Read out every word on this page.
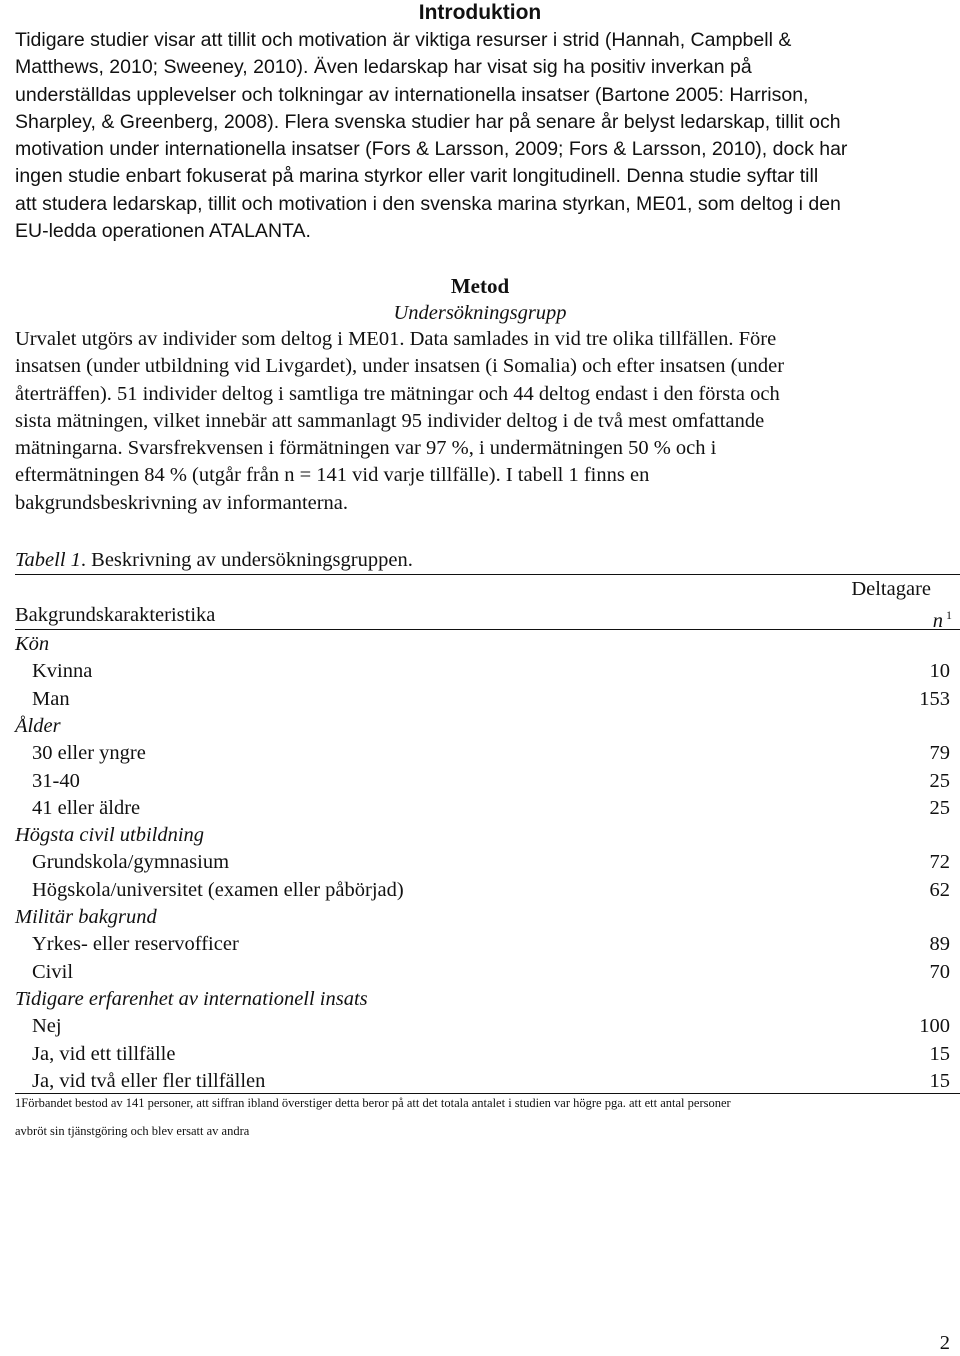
Introduktion
Tidigare studier visar att tillit och motivation är viktiga resurser i strid (Hannah, Campbell &
Matthews, 2010; Sweeney, 2010). Även ledarskap har visat sig ha positiv inverkan på
underställdas upplevelser och tolkningar av internationella insatser (Bartone 2005: Harrison,
Sharpley, & Greenberg, 2008). Flera svenska studier har på senare år belyst ledarskap, tillit och
motivation under internationella insatser (Fors & Larsson, 2009; Fors & Larsson, 2010), dock har
ingen studie enbart fokuserat på marina styrkor eller varit longitudinell. Denna studie syftar till
att studera ledarskap, tillit och motivation i den svenska marina styrkan, ME01, som deltog i den
EU-ledda operationen ATALANTA.
Metod
Undersökningsgrupp
Urvalet utgörs av individer som deltog i ME01. Data samlades in vid tre olika tillfällen. Före
insatsen (under utbildning vid Livgardet), under insatsen (i Somalia) och efter insatsen (under
återträffen). 51 individer deltog i samtliga tre mätningar och 44 deltog endast i den första och
sista mätningen, vilket innebär att sammanlagt 95 individer deltog i de två mest omfattande
mätningarna. Svarsfrekvensen i förmätningen var 97 %, i undermätningen 50 % och i
eftermätningen 84 % (utgår från n = 141 vid varje tillfälle). I tabell 1 finns en
bakgrundsbeskrivning av informanterna.
Tabell 1. Beskrivning av undersökningsgruppen.
Deltagare
Bakgrundskarakteristika	n $^1$
Kön
Kvinna	10
Man	153
Ålder
30 eller yngre	79
31-40	25
41 eller äldre	25
Högsta civil utbildning
Grundskola/gymnasium	72
Högskola/universitet (examen eller påbörjad)	62
Militär bakgrund
Yrkes- eller reservofficer	89
Civil	70
Tidigare erfarenhet av internationell insats
Nej	100
Ja, vid ett tillfälle	15
Ja, vid två eller fler tillfällen	15
1Förbandet bestod av 141 personer, att siffran ibland överstiger detta beror på att det totala antalet i studien var högre pga. att ett antal personer
avbröt sin tjänstgöring och blev ersatt av andra
2
